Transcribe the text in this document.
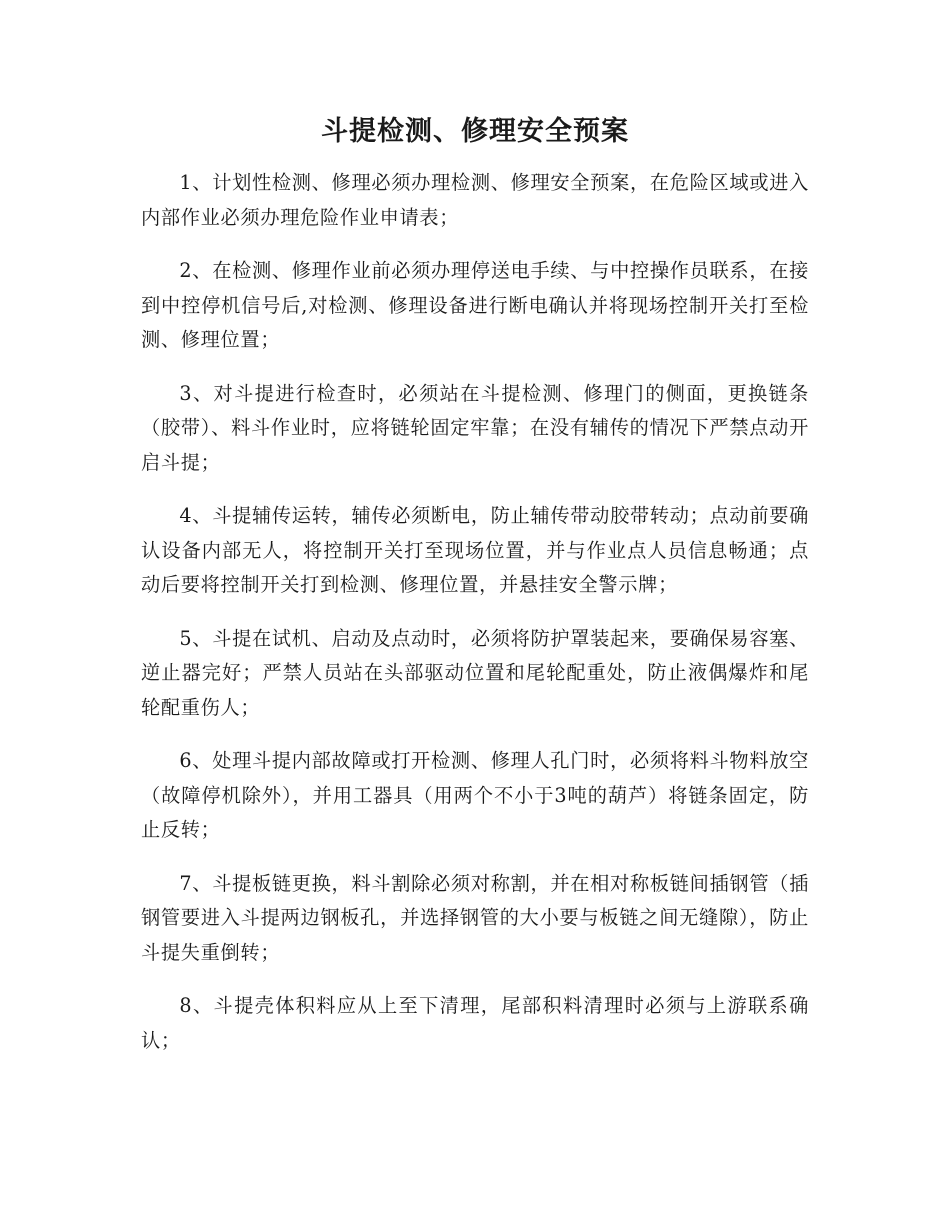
斗提检测、修理安全预案

1、计划性检测、修理必须办理检测、修理安全预案，在危险区域或进入内部作业必须办理危险作业申请表；

2、在检测、修理作业前必须办理停送电手续、与中控操作员联系，在接到中控停机信号后,对检测、修理设备进行断电确认并将现场控制开关打至检测、修理位置；

3、对斗提进行检查时，必须站在斗提检测、修理门的侧面，更换链条（胶带）、料斗作业时，应将链轮固定牢靠；在没有辅传的情况下严禁点动开启斗提；

4、斗提辅传运转，辅传必须断电，防止辅传带动胶带转动；点动前要确认设备内部无人，将控制开关打至现场位置，并与作业点人员信息畅通；点动后要将控制开关打到检测、修理位置，并悬挂安全警示牌；

5、斗提在试机、启动及点动时，必须将防护罩装起来，要确保易容塞、逆止器完好；严禁人员站在头部驱动位置和尾轮配重处，防止液偶爆炸和尾轮配重伤人；

6、处理斗提内部故障或打开检测、修理人孔门时，必须将料斗物料放空（故障停机除外），并用工器具（用两个不小于3吨的葫芦）将链条固定，防止反转；

7、斗提板链更换，料斗割除必须对称割，并在相对称板链间插钢管（插钢管要进入斗提两边钢板孔，并选择钢管的大小要与板链之间无缝隙），防止斗提失重倒转；

8、斗提壳体积料应从上至下清理，尾部积料清理时必须与上游联系确认；
